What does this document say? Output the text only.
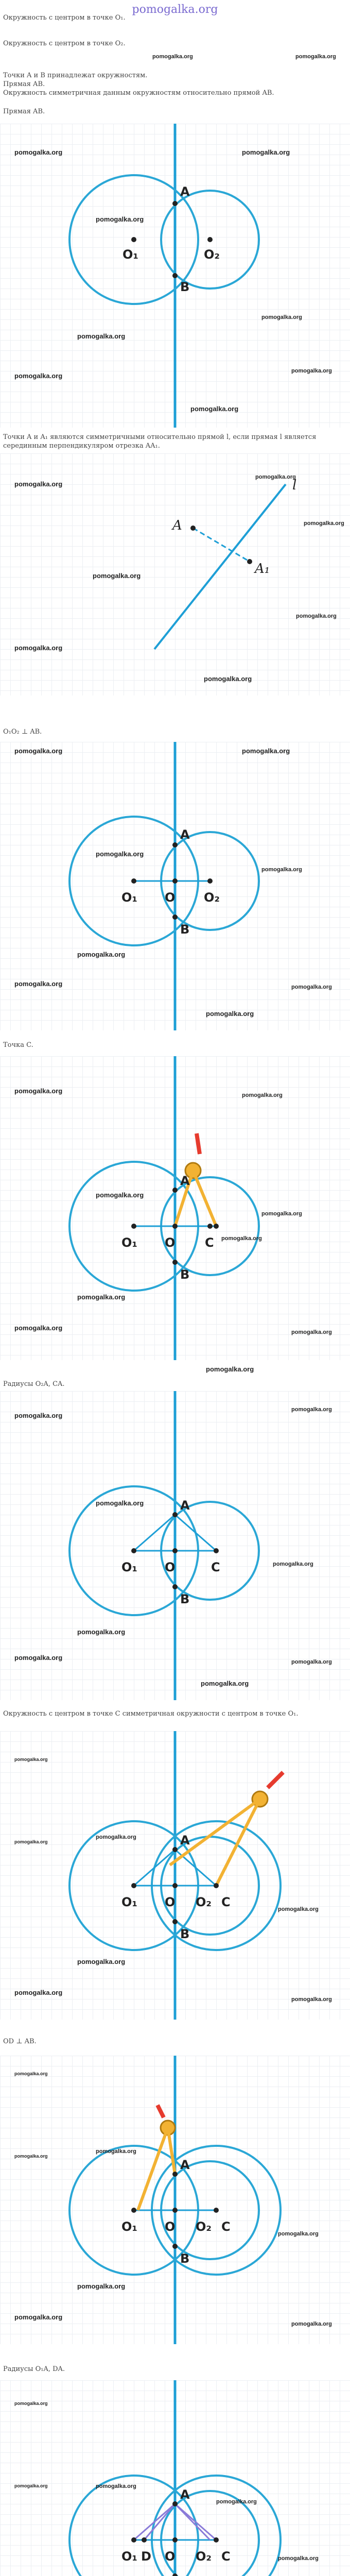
pomogalka.org
Окружность с центром в точке O₁.
Окружность с центром в точке O₂.
pomogalka.org
Точки A и B принадлежат окружностям.
Прямая AB.
Окружность симметричная данным окружностям относительно прямой AB.
pomogalka.org
Прямая AB.
A
B
O₁	O₂
pomogalka.org	pomogalka.org
pomogalka.org
pomogalka.org
pomogalka.org
pomogalka.org
pomogalka.org
pomogalka.org
Точки A и A₁ являются симметричными относительно прямой l, если прямая l является серединным перпендикуляром отрезка AA₁.
A
A₁
l
pomogalka.org
pomogalka.org
pomogalka.org
pomogalka.org
pomogalka.org
pomogalka.org
pomogalka.org
O₁O₂ ⊥ AB.
A
B
O₁ O O₂
pomogalka.org	pomogalka.org
pomogalka.org
pomogalka.org
pomogalka.org
pomogalka.org	pomogalka.org
pomogalka.org
Точка C.
A
B
O₁ O C
pomogalka.org
pomogalka.org
pomogalka.org
pomogalka.org
pomogalka.org
pomogalka.org
pomogalka.org
pomogalka.org
pomogalka.org
Радиусы O₂A, CA.
A
B
O₁ O	C
pomogalka.org
pomogalka.org
pomogalka.org
pomogalka.org
pomogalka.org
pomogalka.org
pomogalka.org
pomogalka.org
Окружность с центром в точке C симметричная окружности с центром в точке O₁.
A
B
O₁ O O₂ C
pomogalka.org
pomogalka.org
pomogalka.org
pomogalka.org
pomogalka.org
pomogalka.org
pomogalka.org
OD ⊥ AB.
A
B
O₁ O O₂ C
pomogalka.org
pomogalka.org
pomogalka.org
pomogalka.org
pomogalka.org
pomogalka.org
pomogalka.org
Радиусы O₁A, DA.
A
O₁ D O O₂ C
pomogalka.org
pomogalka.org	pomogalka.org
pomogalka.org
pomogalka.org
